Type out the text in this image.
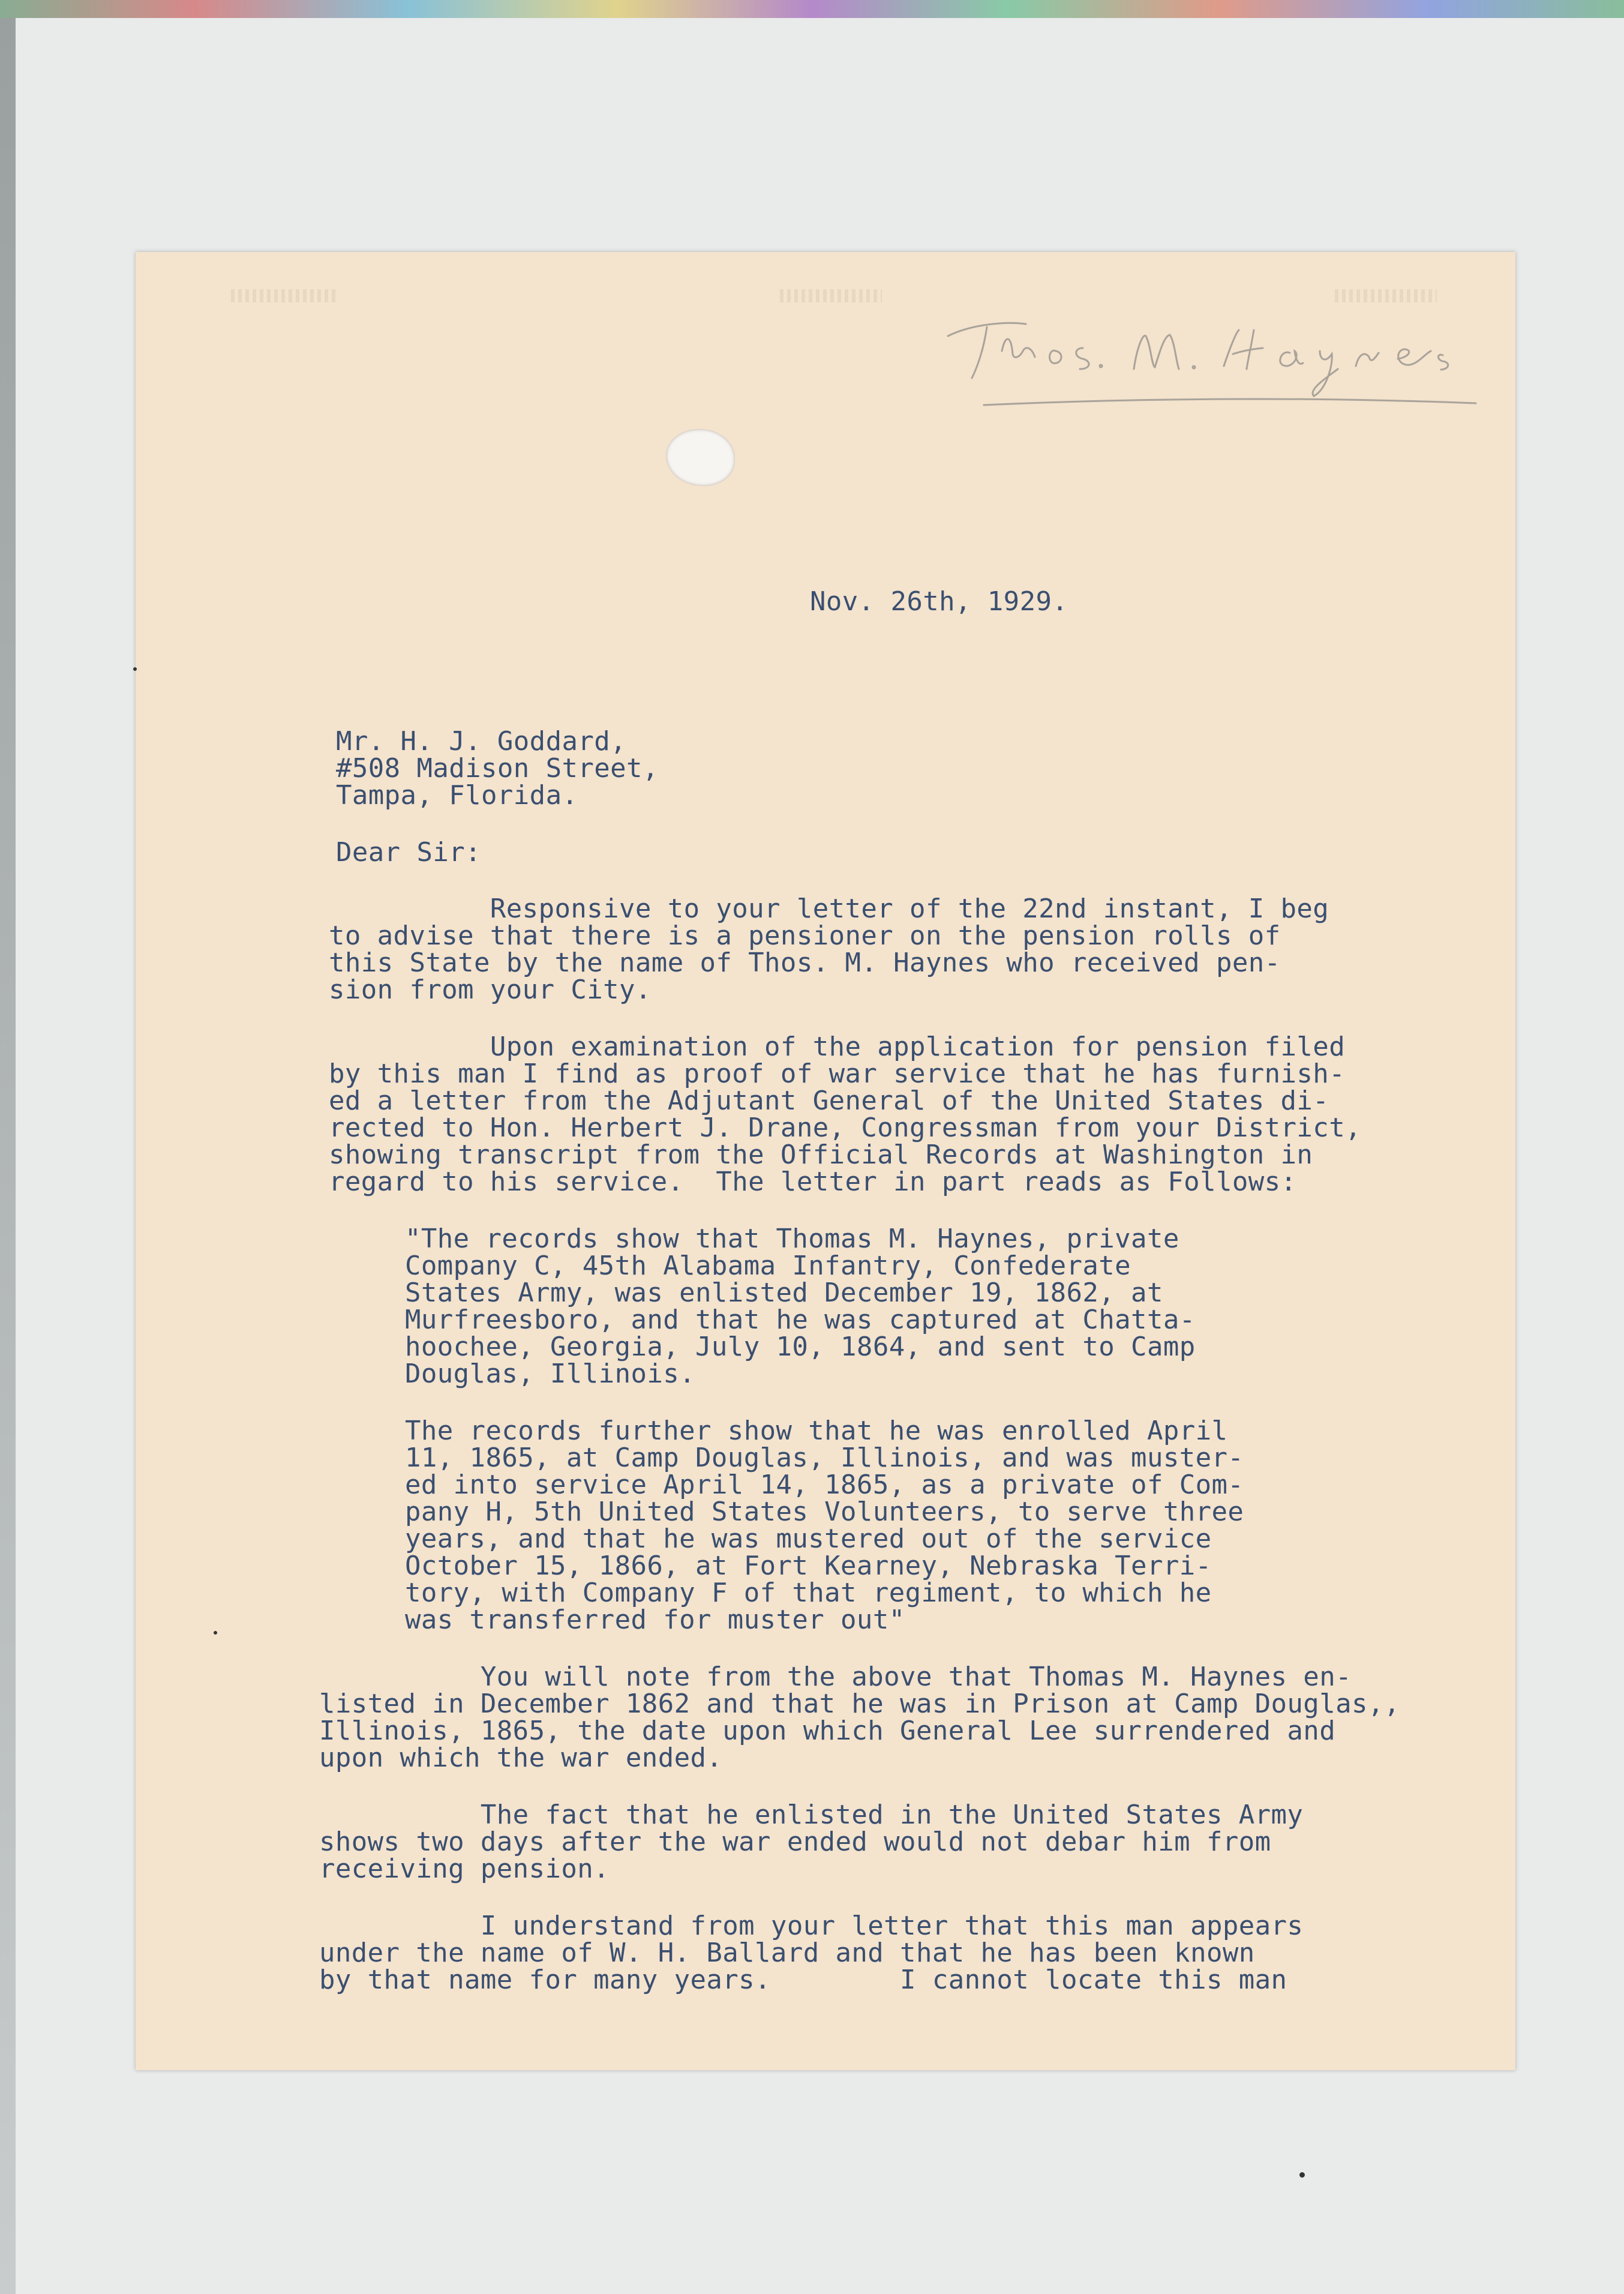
Nov. 26th, 1929.
Mr. H. J. Goddard,
#508 Madison Street,
Tampa, Florida.
Dear Sir:
Responsive to your letter of the 22nd instant, I beg
to advise that there is a pensioner on the pension rolls of
this State by the name of Thos. M. Haynes who received pen-
sion from your City.
Upon examination of the application for pension filed
by this man I find as proof of war service that he has furnish-
ed a letter from the Adjutant General of the United States di-
rected to Hon. Herbert J. Drane, Congressman from your District,
showing transcript from the Official Records at Washington in
regard to his service.  The letter in part reads as Follows:
"The records show that Thomas M. Haynes, private
Company C, 45th Alabama Infantry, Confederate
States Army, was enlisted December 19, 1862, at
Murfreesboro, and that he was captured at Chatta-
hoochee, Georgia, July 10, 1864, and sent to Camp
Douglas, Illinois.
The records further show that he was enrolled April
11, 1865, at Camp Douglas, Illinois, and was muster-
ed into service April 14, 1865, as a private of Com-
pany H, 5th United States Volunteers, to serve three
years, and that he was mustered out of the service
October 15, 1866, at Fort Kearney, Nebraska Terri-
tory, with Company F of that regiment, to which he
was transferred for muster out"
You will note from the above that Thomas M. Haynes en-
listed in December 1862 and that he was in Prison at Camp Douglas,,
Illinois, 1865, the date upon which General Lee surrendered and
upon which the war ended.
The fact that he enlisted in the United States Army
shows two days after the war ended would not debar him from
receiving pension.
I understand from your letter that this man appears
under the name of W. H. Ballard and that he has been known
by that name for many years.        I cannot locate this man
